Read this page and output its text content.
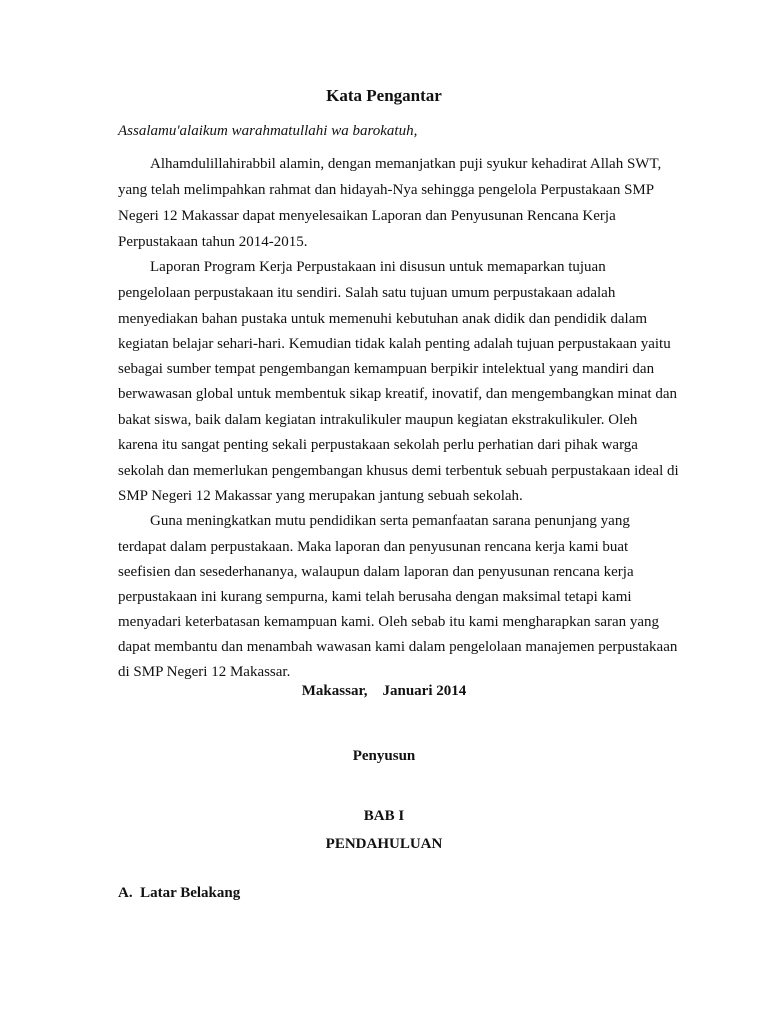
Kata Pengantar
Assalamu'alaikum warahmatullahi wa barokatuh,
Alhamdulillahirabbil alamin, dengan memanjatkan puji syukur kehadirat Allah SWT,
yang telah melimpahkan rahmat dan hidayah-Nya sehingga pengelola Perpustakaan SMP
Negeri 12 Makassar dapat menyelesaikan Laporan dan Penyusunan Rencana Kerja
Perpustakaan tahun 2014-2015.
Laporan Program Kerja Perpustakaan ini disusun untuk memaparkan tujuan
pengelolaan perpustakaan itu sendiri. Salah satu tujuan umum perpustakaan adalah
menyediakan bahan pustaka untuk memenuhi kebutuhan anak didik dan pendidik dalam
kegiatan belajar sehari-hari. Kemudian tidak kalah penting adalah tujuan perpustakaan yaitu
sebagai sumber tempat pengembangan kemampuan berpikir intelektual yang mandiri dan
berwawasan global untuk membentuk sikap kreatif, inovatif, dan mengembangkan minat dan
bakat siswa, baik dalam kegiatan intrakulikuler maupun kegiatan ekstrakulikuler. Oleh
karena itu sangat penting sekali perpustakaan sekolah perlu perhatian dari pihak warga
sekolah dan memerlukan pengembangan khusus demi terbentuk sebuah perpustakaan ideal di
SMP Negeri 12 Makassar yang merupakan jantung sebuah sekolah.
Guna meningkatkan mutu pendidikan serta pemanfaatan sarana penunjang yang
terdapat dalam perpustakaan. Maka laporan dan penyusunan rencana kerja kami buat
seefisien dan sesederhananya, walaupun dalam laporan dan penyusunan rencana kerja
perpustakaan ini kurang sempurna, kami telah berusaha dengan maksimal tetapi kami
menyadari keterbatasan kemampuan kami. Oleh sebab itu kami mengharapkan saran yang
dapat membantu dan menambah wawasan kami dalam pengelolaan manajemen perpustakaan
di SMP Negeri 12 Makassar.
Makassar,    Januari 2014
Penyusun
BAB I
PENDAHULUAN
A.  Latar Belakang
